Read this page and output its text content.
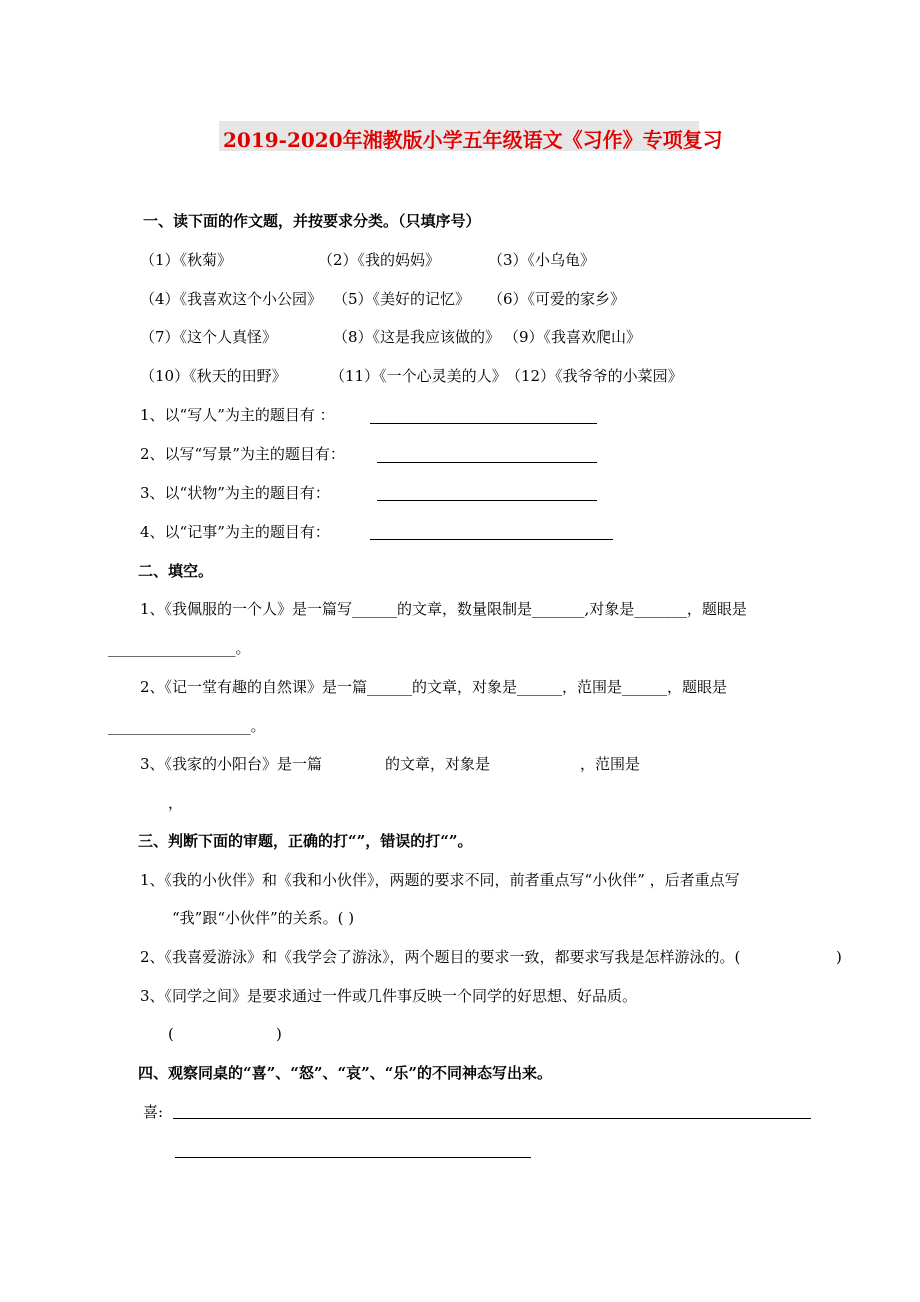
2019-2020年湘教版小学五年级语文《习作》专项复习
一、读下面的作文题，并按要求分类。（只填序号）
（1）《秋菊》	（2）《我的妈妈》	（3）《小乌龟》
（4）《我喜欢这个小公园》 （5）《美好的记忆》 （6）《可爱的家乡》
（7）《这个人真怪》	（8）《这是我应该做的》 （9）《我喜欢爬山》
（10）《秋天的田野》	（11）《一个心灵美的人》 （12）《我爷爷的小菜园》
1、以“写人”为主的题目有 ：
2、以写“写景”为主的题目有：
3、以“状物”为主的题目有：
4、以“记事”为主的题目有：
二、填空。
1、《我佩服的一个人》是一篇写______的文章，数量限制是_______,对象是_______，题眼是
_________________。
2、《记一堂有趣的自然课》是一篇______的文章，对象是______，范围是______，题眼是
___________________。
3、《我家的小阳台》是一篇	的文章，对象是	，范围是
，
三、判断下面的审题，正确的打“”，错误的打“”。
1、《我的小伙伴》和《我和小伙伴》，两题的要求不同，前者重点写“小伙伴” ，后者重点写
“我”跟“小伙伴”的关系。( )
2、《我喜爱游泳》和《我学会了游泳》，两个题目的要求一致，都要求写我是怎样游泳的。(	)
3、《同学之间》是要求通过一件或几件事反映一个同学的好思想、好品质。
(	)
四、观察同桌的“喜”、“怒”、“哀”、“乐”的不同神态写出来。
喜:
